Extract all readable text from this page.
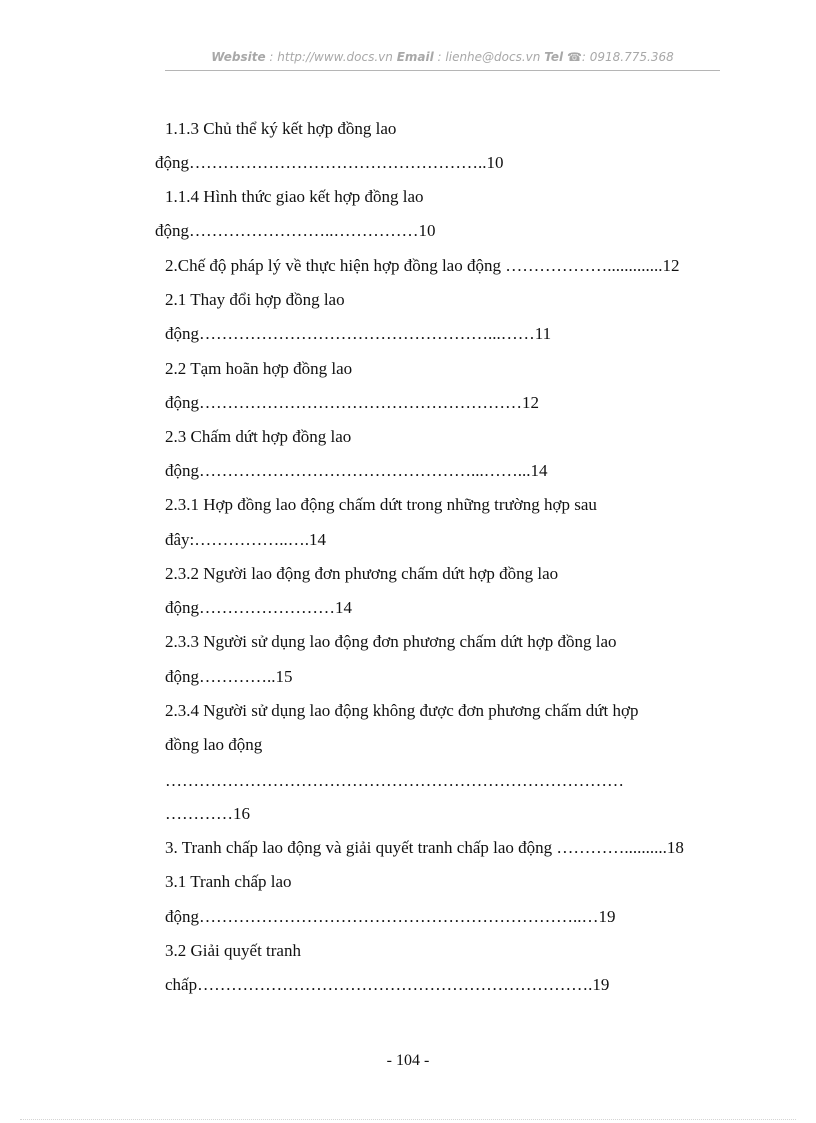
Website : http://www.docs.vn Email : lienhe@docs.vn Tel ☎: 0918.775.368
1.1.3 Chủ thể ký kết hợp đồng lao
động……………………………………………..10
1.1.4 Hình thức giao kết hợp đồng lao
động……………………..……………10
2.Chế độ pháp lý về thực hiện hợp đồng lao động ……………….............12
2.1 Thay đổi hợp đồng lao
động……………………………………………...……11
2.2 Tạm hoãn hợp đồng lao
động…………………………………………………12
2.3 Chấm dứt hợp đồng lao
động…………………………………………...……...14
2.3.1 Hợp đồng lao động chấm dứt trong những trường hợp sau
đây:……………..….14
2.3.2 Người lao động đơn phương chấm dứt hợp đồng lao
động……………………14
2.3.3 Người sử dụng lao động đơn phương chấm dứt hợp đồng lao
động…………..15
2.3.4 Người sử dụng lao động không được đơn phương chấm dứt hợp
đồng lao động
………………………………………………………………………
…………16
3. Tranh chấp lao động và giải quyết tranh chấp lao động …………..........18
3.1 Tranh chấp lao
động…………………………………………………………..…19
3.2 Giải quyết tranh
chấp…………………………………………………………….19
- 104 -
